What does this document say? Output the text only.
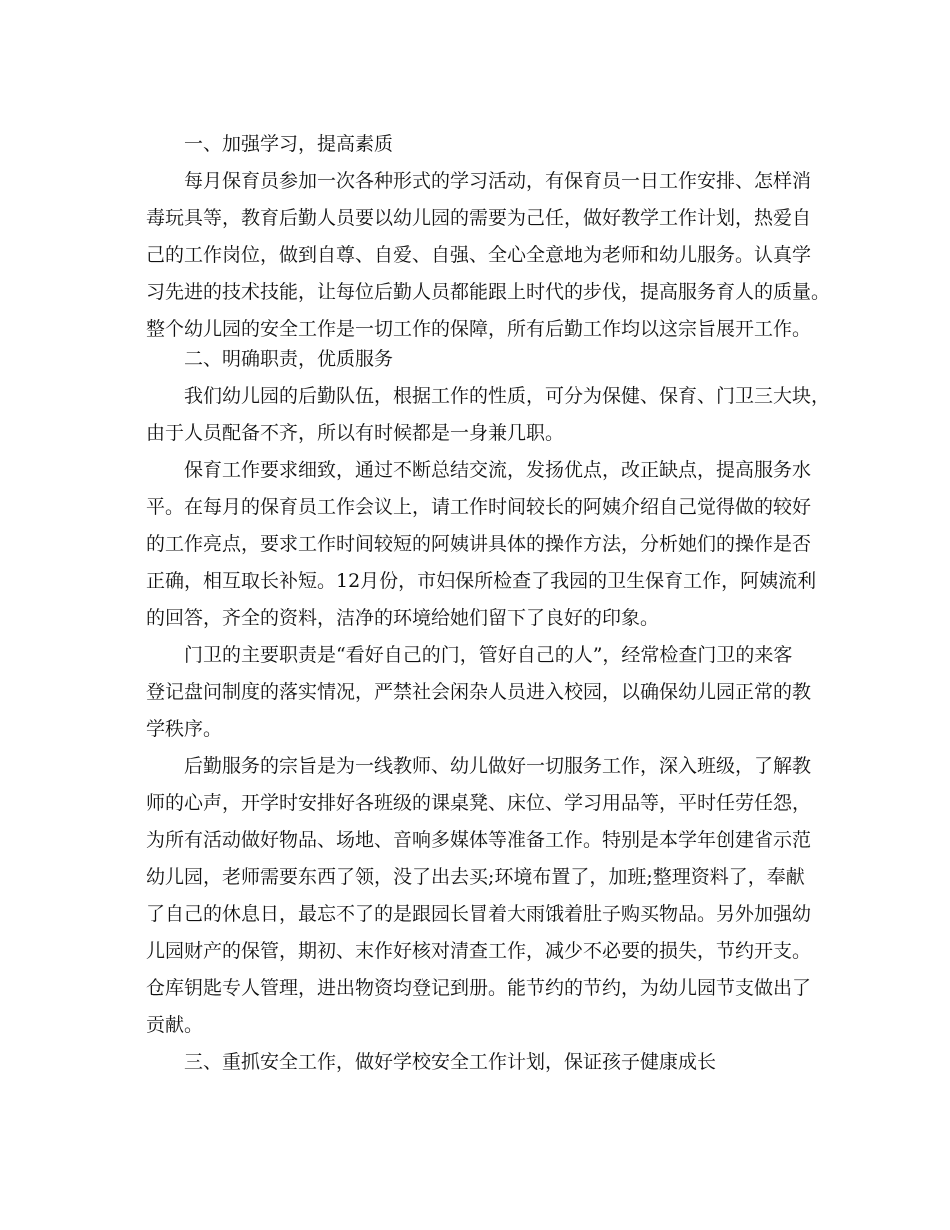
一、加强学习，提高素质
每月保育员参加一次各种形式的学习活动，有保育员一日工作安排、怎样消
毒玩具等，教育后勤人员要以幼儿园的需要为己任，做好教学工作计划，热爱自
己的工作岗位，做到自尊、自爱、自强、全心全意地为老师和幼儿服务。认真学
习先进的技术技能，让每位后勤人员都能跟上时代的步伐，提高服务育人的质量。
整个幼儿园的安全工作是一切工作的保障，所有后勤工作均以这宗旨展开工作。
二、明确职责，优质服务
我们幼儿园的后勤队伍，根据工作的性质，可分为保健、保育、门卫三大块，
由于人员配备不齐，所以有时候都是一身兼几职。
保育工作要求细致，通过不断总结交流，发扬优点，改正缺点，提高服务水
平。在每月的保育员工作会议上，请工作时间较长的阿姨介绍自己觉得做的较好
的工作亮点，要求工作时间较短的阿姨讲具体的操作方法，分析她们的操作是否
正确，相互取长补短。12月份，市妇保所检查了我园的卫生保育工作，阿姨流利
的回答，齐全的资料，洁净的环境给她们留下了良好的印象。
门卫的主要职责是“看好自己的门，管好自己的人”，经常检查门卫的来客
登记盘问制度的落实情况，严禁社会闲杂人员进入校园，以确保幼儿园正常的教
学秩序。
后勤服务的宗旨是为一线教师、幼儿做好一切服务工作，深入班级，了解教
师的心声，开学时安排好各班级的课桌凳、床位、学习用品等，平时任劳任怨，
为所有活动做好物品、场地、音响多媒体等准备工作。特别是本学年创建省示范
幼儿园，老师需要东西了领，没了出去买;环境布置了，加班;整理资料了，奉献
了自己的休息日，最忘不了的是跟园长冒着大雨饿着肚子购买物品。另外加强幼
儿园财产的保管，期初、末作好核对清查工作，减少不必要的损失，节约开支。
仓库钥匙专人管理，进出物资均登记到册。能节约的节约，为幼儿园节支做出了
贡献。
三、重抓安全工作，做好学校安全工作计划，保证孩子健康成长
